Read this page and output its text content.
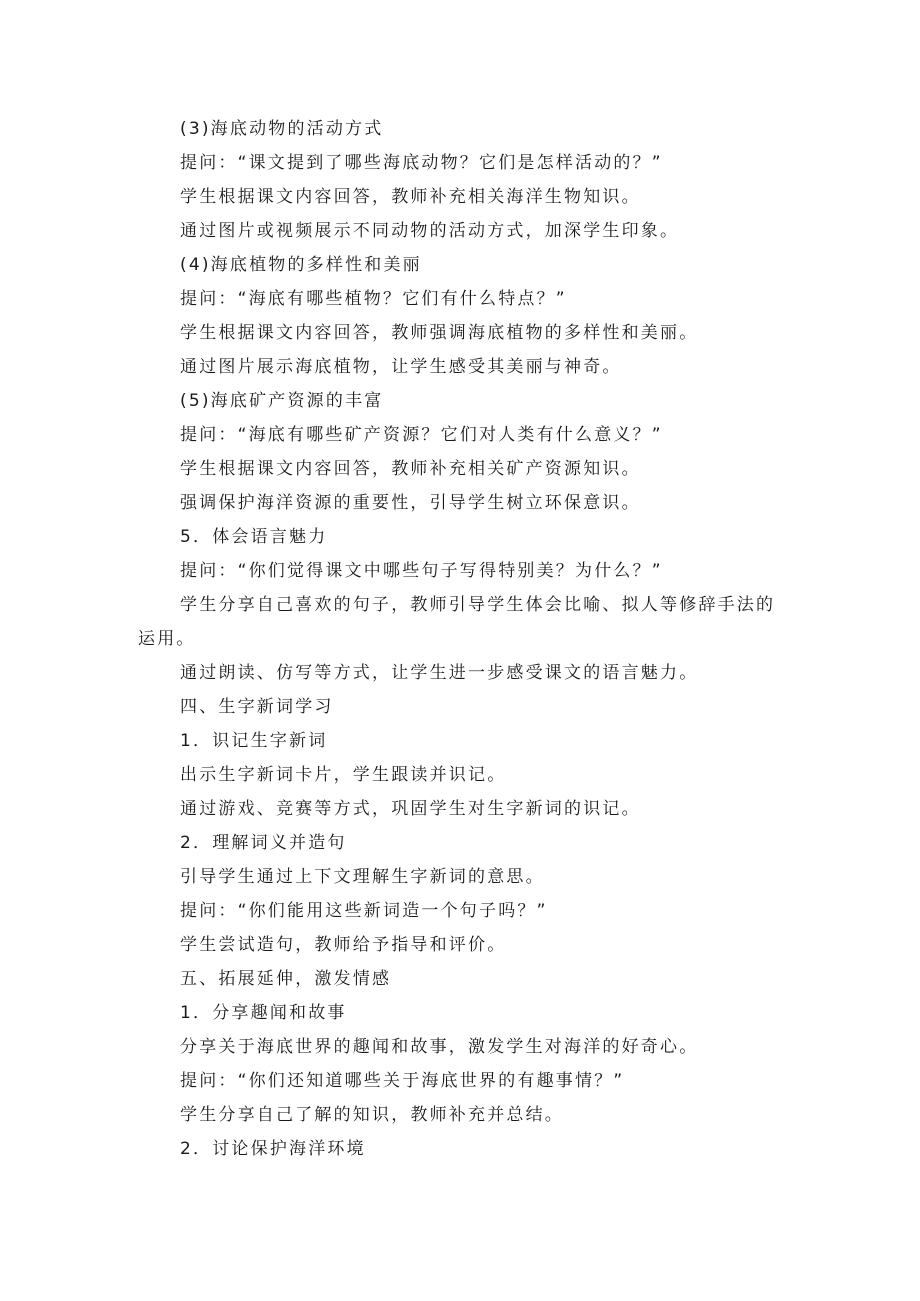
(3)海底动物的活动方式
提问：“课文提到了哪些海底动物？它们是怎样活动的？”
学生根据课文内容回答，教师补充相关海洋生物知识。
通过图片或视频展示不同动物的活动方式，加深学生印象。
(4)海底植物的多样性和美丽
提问：“海底有哪些植物？它们有什么特点？”
学生根据课文内容回答，教师强调海底植物的多样性和美丽。
通过图片展示海底植物，让学生感受其美丽与神奇。
(5)海底矿产资源的丰富
提问：“海底有哪些矿产资源？它们对人类有什么意义？”
学生根据课文内容回答，教师补充相关矿产资源知识。
强调保护海洋资源的重要性，引导学生树立环保意识。
5．体会语言魅力
提问：“你们觉得课文中哪些句子写得特别美？为什么？”
学生分享自己喜欢的句子，教师引导学生体会比喻、拟人等修辞手法的运用。
通过朗读、仿写等方式，让学生进一步感受课文的语言魅力。
四、生字新词学习
1．识记生字新词
出示生字新词卡片，学生跟读并识记。
通过游戏、竞赛等方式，巩固学生对生字新词的识记。
2．理解词义并造句
引导学生通过上下文理解生字新词的意思。
提问：“你们能用这些新词造一个句子吗？”
学生尝试造句，教师给予指导和评价。
五、拓展延伸，激发情感
1．分享趣闻和故事
分享关于海底世界的趣闻和故事，激发学生对海洋的好奇心。
提问：“你们还知道哪些关于海底世界的有趣事情？”
学生分享自己了解的知识，教师补充并总结。
2．讨论保护海洋环境
